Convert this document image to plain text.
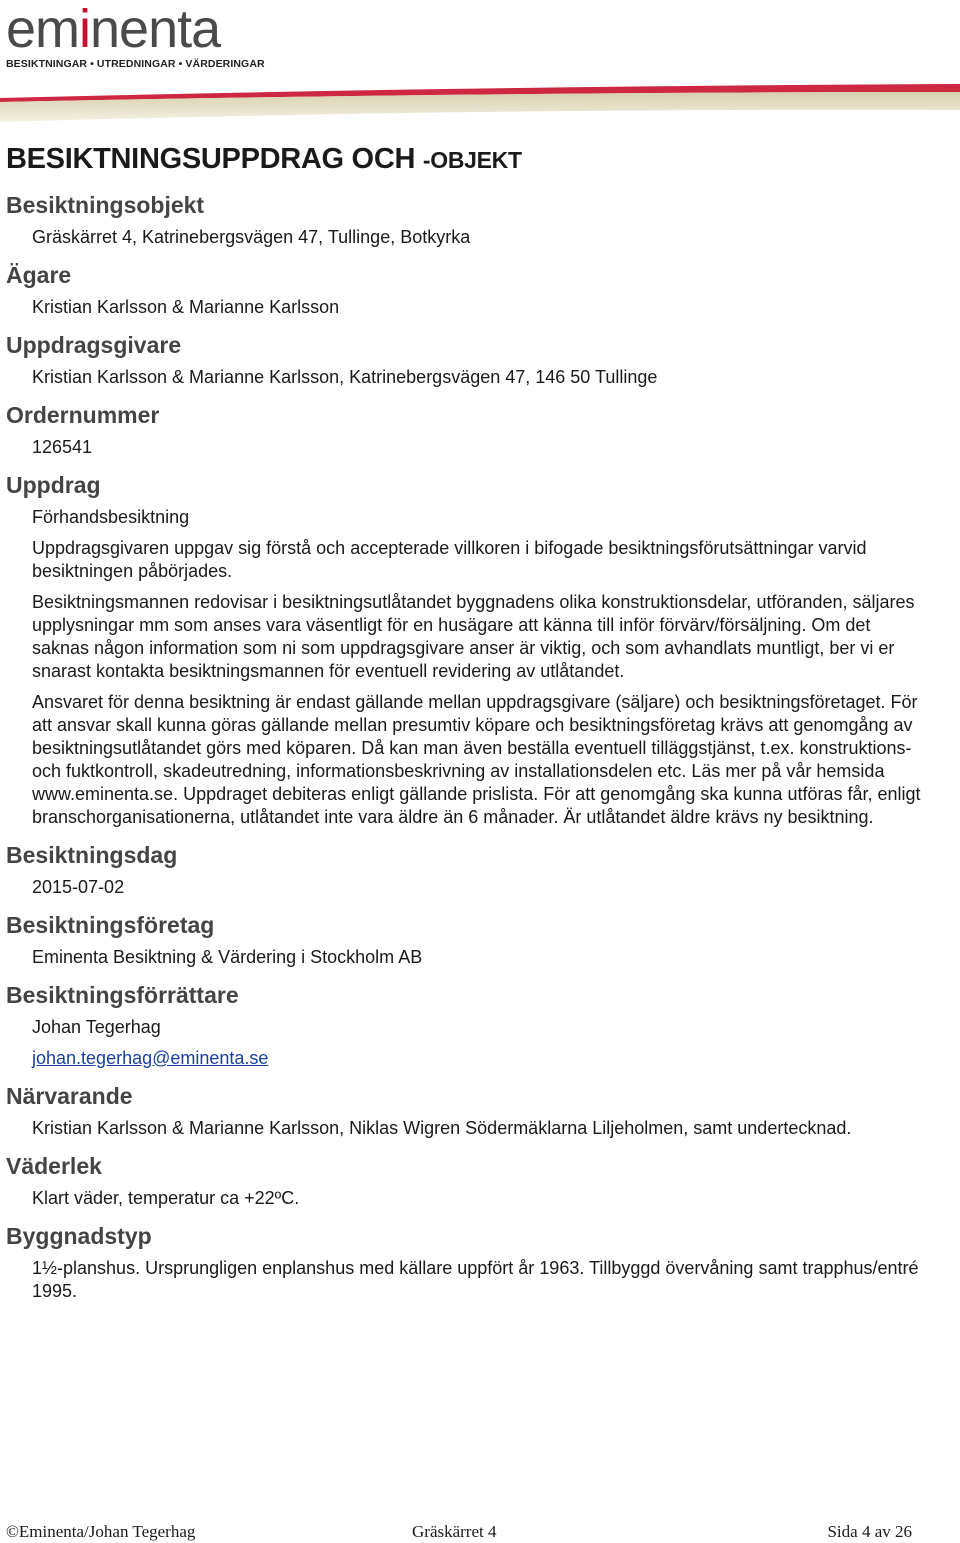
eminenta
BESIKTNINGAR • UTREDNINGAR • VÄRDERINGAR
BESIKTNINGSUPPDRAG OCH -OBJEKT
Besiktningsobjekt

Gräskärret 4, Katrinebergsvägen 47, Tullinge, Botkyrka

Ägare

Kristian Karlsson & Marianne Karlsson

Uppdragsgivare

Kristian Karlsson & Marianne Karlsson, Katrinebergsvägen 47, 146 50 Tullinge

Ordernummer

126541

Uppdrag

Förhandsbesiktning

Uppdragsgivaren uppgav sig förstå och accepterade villkoren i bifogade besiktningsförutsättningar varvid besiktningen påbörjades.

Besiktningsmannen redovisar i besiktningsutlåtandet byggnadens olika konstruktionsdelar, utföranden, säljares upplysningar mm som anses vara väsentligt för en husägare att känna till inför förvärv/försäljning. Om det saknas någon information som ni som uppdragsgivare anser är viktig, och som avhandlats muntligt, ber vi er snarast kontakta besiktningsmannen för eventuell revidering av utlåtandet.

Ansvaret för denna besiktning är endast gällande mellan uppdragsgivare (säljare) och besiktningsföretaget. För att ansvar skall kunna göras gällande mellan presumtiv köpare och besiktningsföretag krävs att genomgång av besiktningsutlåtandet görs med köparen. Då kan man även beställa eventuell tilläggstjänst, t.ex. konstruktions- och fuktkontroll, skadeutredning, informationsbeskrivning av installationsdelen etc. Läs mer på vår hemsida www.eminenta.se. Uppdraget debiteras enligt gällande prislista. För att genomgång ska kunna utföras får, enligt branschorganisationerna, utlåtandet inte vara äldre än 6 månader. Är utlåtandet äldre krävs ny besiktning.

Besiktningsdag

2015-07-02

Besiktningsföretag

Eminenta Besiktning & Värdering i Stockholm AB

Besiktningsförrättare

Johan Tegerhag

johan.tegerhag@eminenta.se

Närvarande

Kristian Karlsson & Marianne Karlsson, Niklas Wigren Södermäklarna Liljeholmen, samt undertecknad.

Väderlek

Klart väder, temperatur ca +22ºC.

Byggnadstyp

1½-planshus. Ursprungligen enplanshus med källare uppfört år 1963. Tillbyggd övervåning samt trapphus/entré 1995.

©Eminenta/Johan Tegerhag	Gräskärret 4	Sida 4 av 26
